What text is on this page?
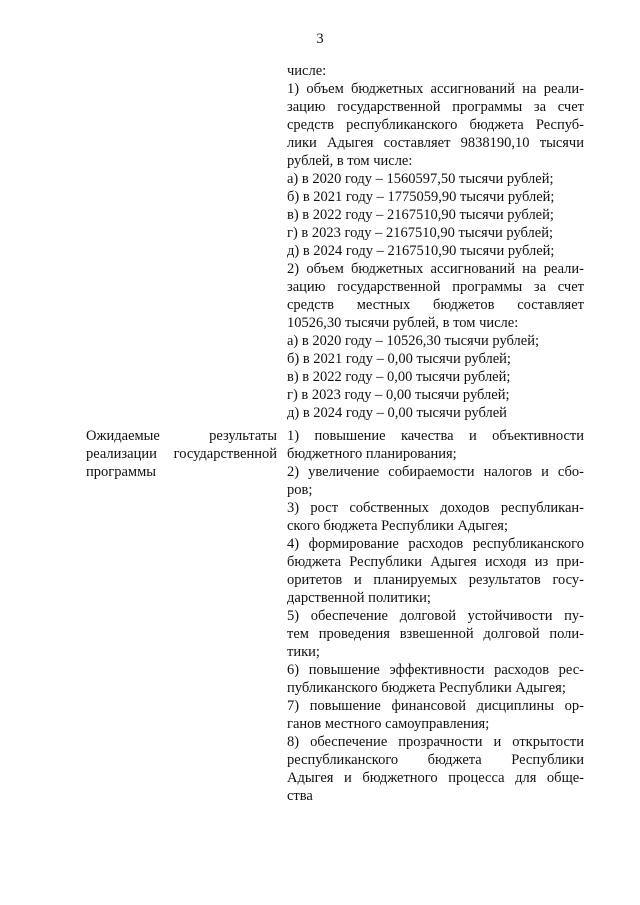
3
числе:
1) объем бюджетных ассигнований на реали-
зацию государственной программы за счет
средств республиканского бюджета Респуб-
лики Адыгея составляет 9838190,10 тысячи
рублей, в том числе:
а) в 2020 году – 1560597,50 тысячи рублей;
б) в 2021 году – 1775059,90 тысячи рублей;
в) в 2022 году – 2167510,90 тысячи рублей;
г) в 2023 году – 2167510,90 тысячи рублей;
д) в 2024 году – 2167510,90 тысячи рублей;
2) объем бюджетных ассигнований на реали-
зацию государственной программы за счет
средств местных бюджетов составляет
10526,30 тысячи рублей, в том числе:
а) в 2020 году – 10526,30 тысячи рублей;
б) в 2021 году – 0,00 тысячи рублей;
в) в 2022 году – 0,00 тысячи рублей;
г) в 2023 году – 0,00 тысячи рублей;
д) в 2024 году – 0,00 тысячи рублей
Ожидаемые результаты
реализации государственной
программы
1) повышение качества и объективности
бюджетного планирования;
2) увеличение собираемости налогов и сбо-
ров;
3) рост собственных доходов республикан-
ского бюджета Республики Адыгея;
4) формирование расходов республиканского
бюджета Республики Адыгея исходя из при-
оритетов и планируемых результатов госу-
дарственной политики;
5) обеспечение долговой устойчивости пу-
тем проведения взвешенной долговой поли-
тики;
6) повышение эффективности расходов рес-
публиканского бюджета Республики Адыгея;
7) повышение финансовой дисциплины ор-
ганов местного самоуправления;
8) обеспечение прозрачности и открытости
республиканского бюджета Республики
Адыгея и бюджетного процесса для обще-
ства
